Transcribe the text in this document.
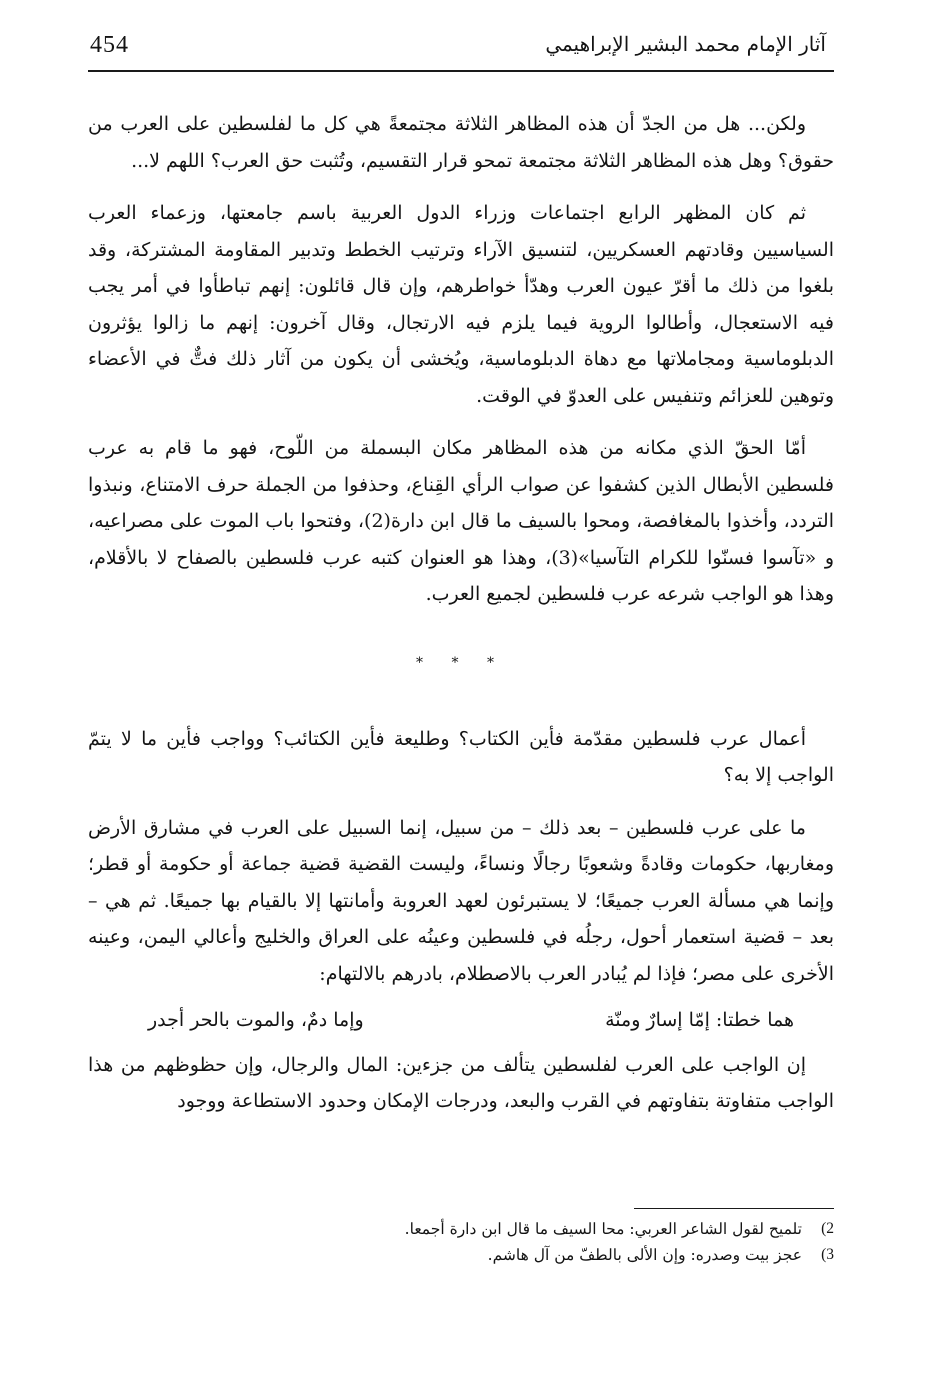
454	آثار الإمام محمد البشير الإبراهيمي

ولكن... هل من الجدّ أن هذه المظاهر الثلاثة مجتمعةً هي كل ما لفلسطين على العرب من حقوق؟ وهل هذه المظاهر الثلاثة مجتمعة تمحو قرار التقسيم، وتُثبت حق العرب؟ اللهم لا...

ثم كان المظهر الرابع اجتماعات وزراء الدول العربية باسم جامعتها، وزعماء العرب السياسيين وقادتهم العسكريين، لتنسيق الآراء وترتيب الخطط وتدبير المقاومة المشتركة، وقد بلغوا من ذلك ما أقرّ عيون العرب وهدّأ خواطرهم، وإن قال قائلون: إنهم تباطأوا في أمر يجب فيه الاستعجال، وأطالوا الروية فيما يلزم فيه الارتجال، وقال آخرون: إنهم ما زالوا يؤثرون الدبلوماسية ومجاملاتها مع دهاة الدبلوماسية، ويُخشى أن يكون من آثار ذلك فتٌّ في الأعضاء وتوهين للعزائم وتنفيس على العدوّ في الوقت.

أمّا الحقّ الذي مكانه من هذه المظاهر مكان البسملة من اللّوح، فهو ما قام به عرب فلسطين الأبطال الذين كشفوا عن صواب الرأي القِناع، وحذفوا من الجملة حرف الامتناع، ونبذوا التردد، وأخذوا بالمغافصة، ومحوا بالسيف ما قال ابن دارة(2)، وفتحوا باب الموت على مصراعيه، و «تآسوا فسنّوا للكرام التآسيا»(3)، وهذا هو العنوان كتبه عرب فلسطين بالصفاح لا بالأقلام، وهذا هو الواجب شرعه عرب فلسطين لجميع العرب.

* * *

أعمال عرب فلسطين مقدّمة فأين الكتاب؟ وطليعة فأين الكتائب؟ وواجب فأين ما لا يتمّ الواجب إلا به؟

ما على عرب فلسطين – بعد ذلك – من سبيل، إنما السبيل على العرب في مشارق الأرض ومغاربها، حكومات وقادةً وشعوبًا رجالًا ونساءً، وليست القضية قضية جماعة أو حكومة أو قطر؛ وإنما هي مسألة العرب جميعًا؛ لا يستبرئون لعهد العروبة وأمانتها إلا بالقيام بها جميعًا. ثم هي – بعد – قضية استعمار أحول، رجلُه في فلسطين وعينُه على العراق والخليج وأعالي اليمن، وعينه الأخرى على مصر؛ فإذا لم يُبادر العرب بالاصطلام، بادرهم بالالتهام:

هما خطتا: إمّا إسارٌ ومنّة
وإما دمٌ، والموت بالحر أجدر

إن الواجب على العرب لفلسطين يتألف من جزءين: المال والرجال، وإن حظوظهم من هذا الواجب متفاوتة بتفاوتهم في القرب والبعد، ودرجات الإمكان وحدود الاستطاعة ووجود

2)
تلميح لقول الشاعر العربي: محا السيف ما قال ابن دارة أجمعا.
3)
عجز بيت وصدره: وإن الألى بالطفّ من آل هاشم.
